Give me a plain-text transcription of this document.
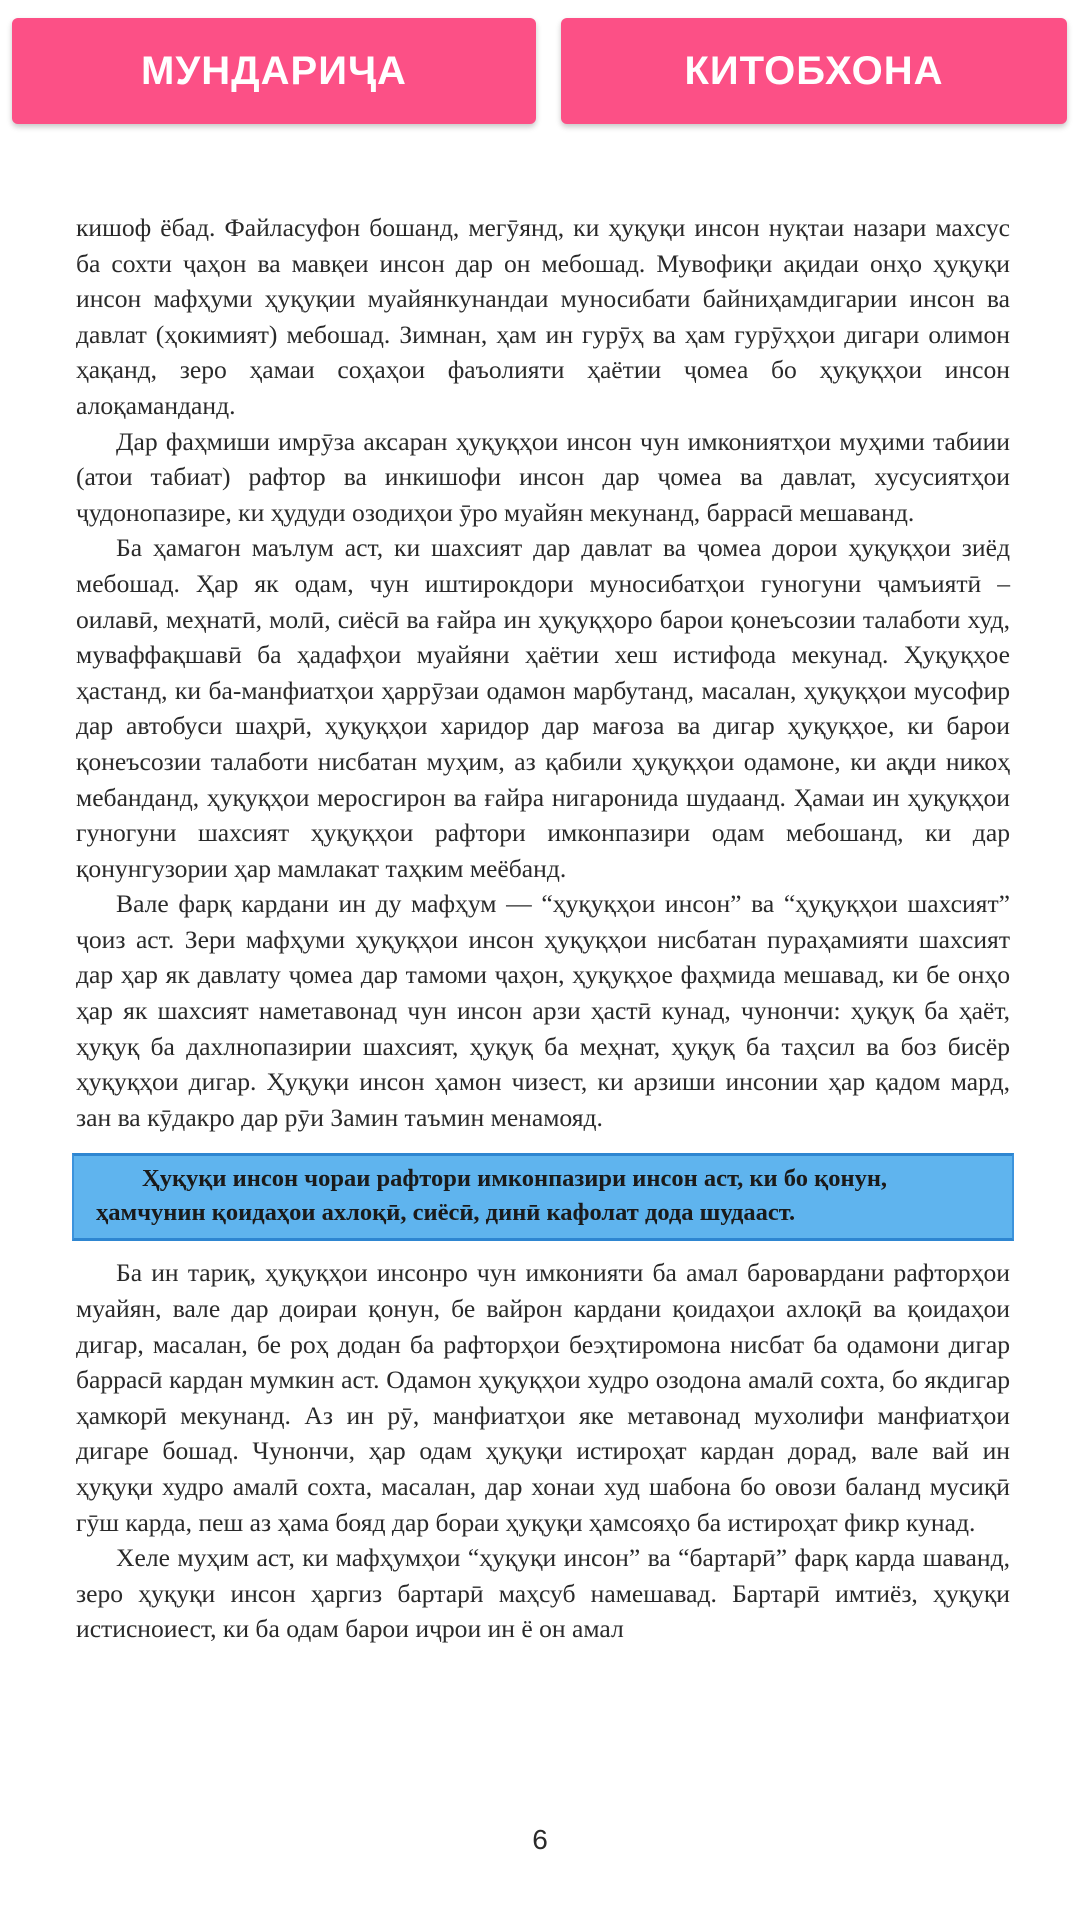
МУНДАРИҶА	КИТОБХОНА

кишоф ёбад. Файласуфон бошанд, мегӯянд, ки ҳуқуқи инсон нуқтаи назари махсус ба сохти ҷаҳон ва мавқеи инсон дар он мебошад. Мувофиқи ақидаи онҳо ҳуқуқи инсон мафҳуми ҳуқуқии муайянкунандаи муносибати байниҳамдигарии инсон ва давлат (ҳокимият) мебошад. Зимнан, ҳам ин гурӯҳ ва ҳам гурӯҳҳои дигари олимон ҳақанд, зеро ҳамаи соҳаҳои фаъолияти ҳаётии ҷомеа бо ҳуқуқҳои инсон алоқаманданд.

Дар фаҳмиши имрӯза аксаран ҳуқуқҳои инсон чун имкониятҳои муҳими табиии (атои табиат) рафтор ва инкишофи инсон дар ҷомеа ва давлат, хусусиятҳои ҷудонопазире, ки ҳудуди озодиҳои ӯро муайян мекунанд, баррасӣ мешаванд.

Ба ҳамагон маълум аст, ки шахсият дар давлат ва ҷомеа дорои ҳуқуқҳои зиёд мебошад. Ҳар як одам, чун иштирокдори муносибатҳои гуногуни ҷамъиятӣ – оилавӣ, меҳнатӣ, молӣ, сиёсӣ ва ғайра ин ҳуқуқҳоро барои қонеъсозии талаботи худ, муваффақшавӣ ба ҳадафҳои муайяни ҳаётии хеш истифода мекунад. Ҳуқуқҳое ҳастанд, ки ба-манфиатҳои ҳаррӯзаи одамон марбутанд, масалан, ҳуқуқҳои мусофир дар автобуси шаҳрӣ, ҳуқуқҳои харидор дар мағоза ва дигар ҳуқуқҳое, ки барои қонеъсозии талаботи нисбатан муҳим, аз қабили ҳуқуқҳои одамоне, ки ақди никоҳ мебанданд, ҳуқуқҳои меросгирон ва ғайра нигаронида шудаанд. Ҳамаи ин ҳуқуқҳои гуногуни шахсият ҳуқуқҳои рафтори имконпазири одам мебошанд, ки дар қонунгузории ҳар мамлакат таҳким меёбанд.

Вале фарқ кардани ин ду мафҳум — “ҳуқуқҳои инсон” ва “ҳуқуқҳои шахсият” ҷоиз аст. Зери мафҳуми ҳуқуқҳои инсон ҳуқуқҳои нисбатан пураҳамияти шахсият дар ҳар як давлату ҷомеа дар тамоми ҷаҳон, ҳуқуқҳое фаҳмида мешавад, ки бе онҳо ҳар як шахсият наметавонад чун инсон арзи ҳастӣ кунад, чунончи: ҳуқуқ ба ҳаёт, ҳуқуқ ба дахлнопазирии шахсият, ҳуқуқ ба меҳнат, ҳуқуқ ба таҳсил ва боз бисёр ҳуқуқҳои дигар. Ҳуқуқи инсон ҳамон чизест, ки арзиши инсонии ҳар қадом мард, зан ва кӯдакро дар рӯи Замин таъмин менамояд.

Ҳуқуқи инсон чораи рафтори имконпазири инсон аст, ки бо қонун,
ҳамчунин қоидаҳои ахлоқӣ, сиёсӣ, динӣ кафолат дода шудааст.

Ба ин тариқ, ҳуқуқҳои инсонро чун имконияти ба амал баровардани рафторҳои муайян, вале дар доираи қонун, бе вайрон кардани қоидаҳои ахлоқӣ ва қоидаҳои дигар, масалан, бе роҳ додан ба рафторҳои беэҳтиромона нисбат ба одамони дигар баррасӣ кардан мумкин аст. Одамон ҳуқуқҳои худро озодона амалӣ сохта, бо якдигар ҳамкорӣ мекунанд. Аз ин рӯ, манфиатҳои яке метавонад мухолифи манфиатҳои дигаре бошад. Чунончи, ҳар одам ҳуқуқи истироҳат кардан дорад, вале вай ин ҳуқуқи худро амалӣ сохта, масалан, дар хонаи худ шабона бо овози баланд мусиқӣ гӯш карда, пеш аз ҳама бояд дар бораи ҳуқуқи ҳамсояҳо ба истироҳат фикр кунад.

Хеле муҳим аст, ки мафҳумҳои “ҳуқуқи инсон” ва “бартарӣ” фарқ карда шаванд, зеро ҳуқуқи инсон ҳаргиз бартарӣ маҳсуб намешавад. Бартарӣ имтиёз, ҳуқуқи истисноиест, ки ба одам барои иҷрои ин ё он амал

6
